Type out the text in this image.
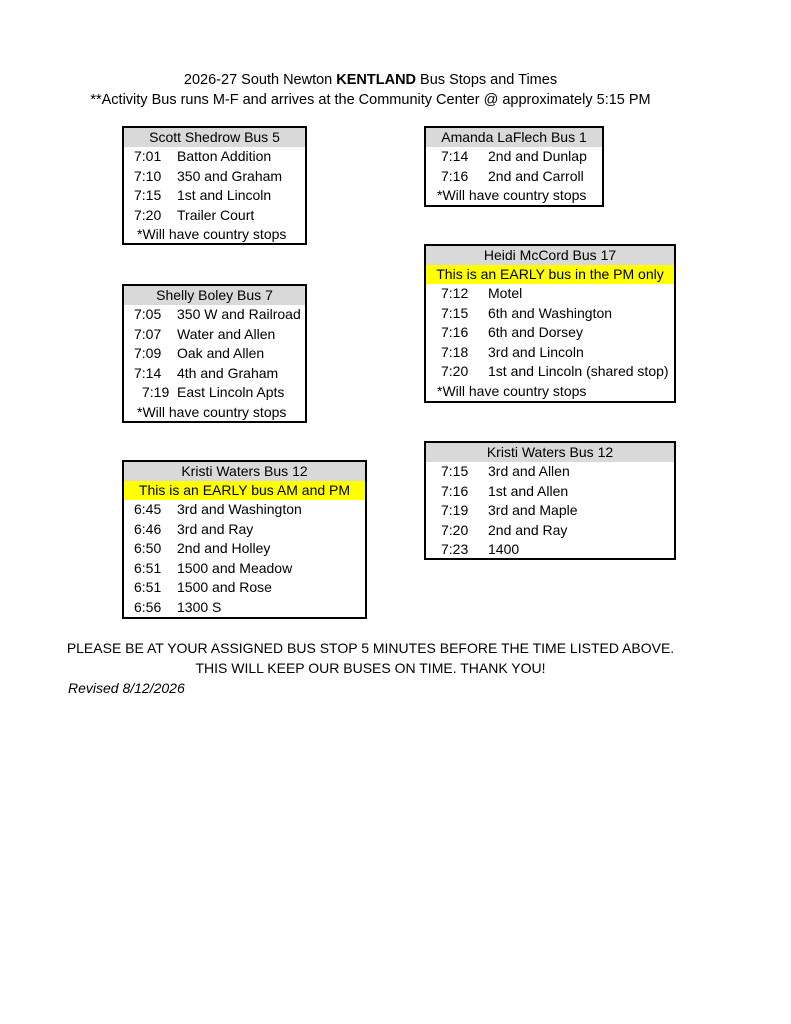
2026-27 South Newton KENTLAND Bus Stops and Times
**Activity Bus runs M-F and arrives at the Community Center @ approximately 5:15 PM
Scott Shedrow Bus 5
7:01 Batton Addition
7:10 350 and Graham
7:15 1st and Lincoln
7:20 Trailer Court
*Will have country stops
Amanda LaFlech Bus 1
7:14 2nd and Dunlap
7:16 2nd and Carroll
*Will have country stops
Heidi McCord Bus 17
This is an EARLY bus in the PM only
7:12 Motel
7:15 6th and Washington
7:16 6th and Dorsey
7:18 3rd and Lincoln
7:20 1st and Lincoln (shared stop)
*Will have country stops
Shelly Boley Bus 7
7:05 350 W and Railroad
7:07 Water and Allen
7:09 Oak and Allen
7:14 4th and Graham
7:19 East Lincoln Apts
*Will have country stops
Kristi Waters Bus 12
7:15 3rd and Allen
7:16 1st and Allen
7:19 3rd and Maple
7:20 2nd and Ray
7:23 1400
Kristi Waters Bus 12
This is an EARLY bus AM and PM
6:45 3rd and Washington
6:46 3rd and Ray
6:50 2nd and Holley
6:51 1500 and Meadow
6:51 1500 and Rose
6:56 1300 S
PLEASE BE AT YOUR ASSIGNED BUS STOP 5 MINUTES BEFORE THE TIME LISTED ABOVE.
THIS WILL KEEP OUR BUSES ON TIME. THANK YOU!
Revised 8/12/2026
